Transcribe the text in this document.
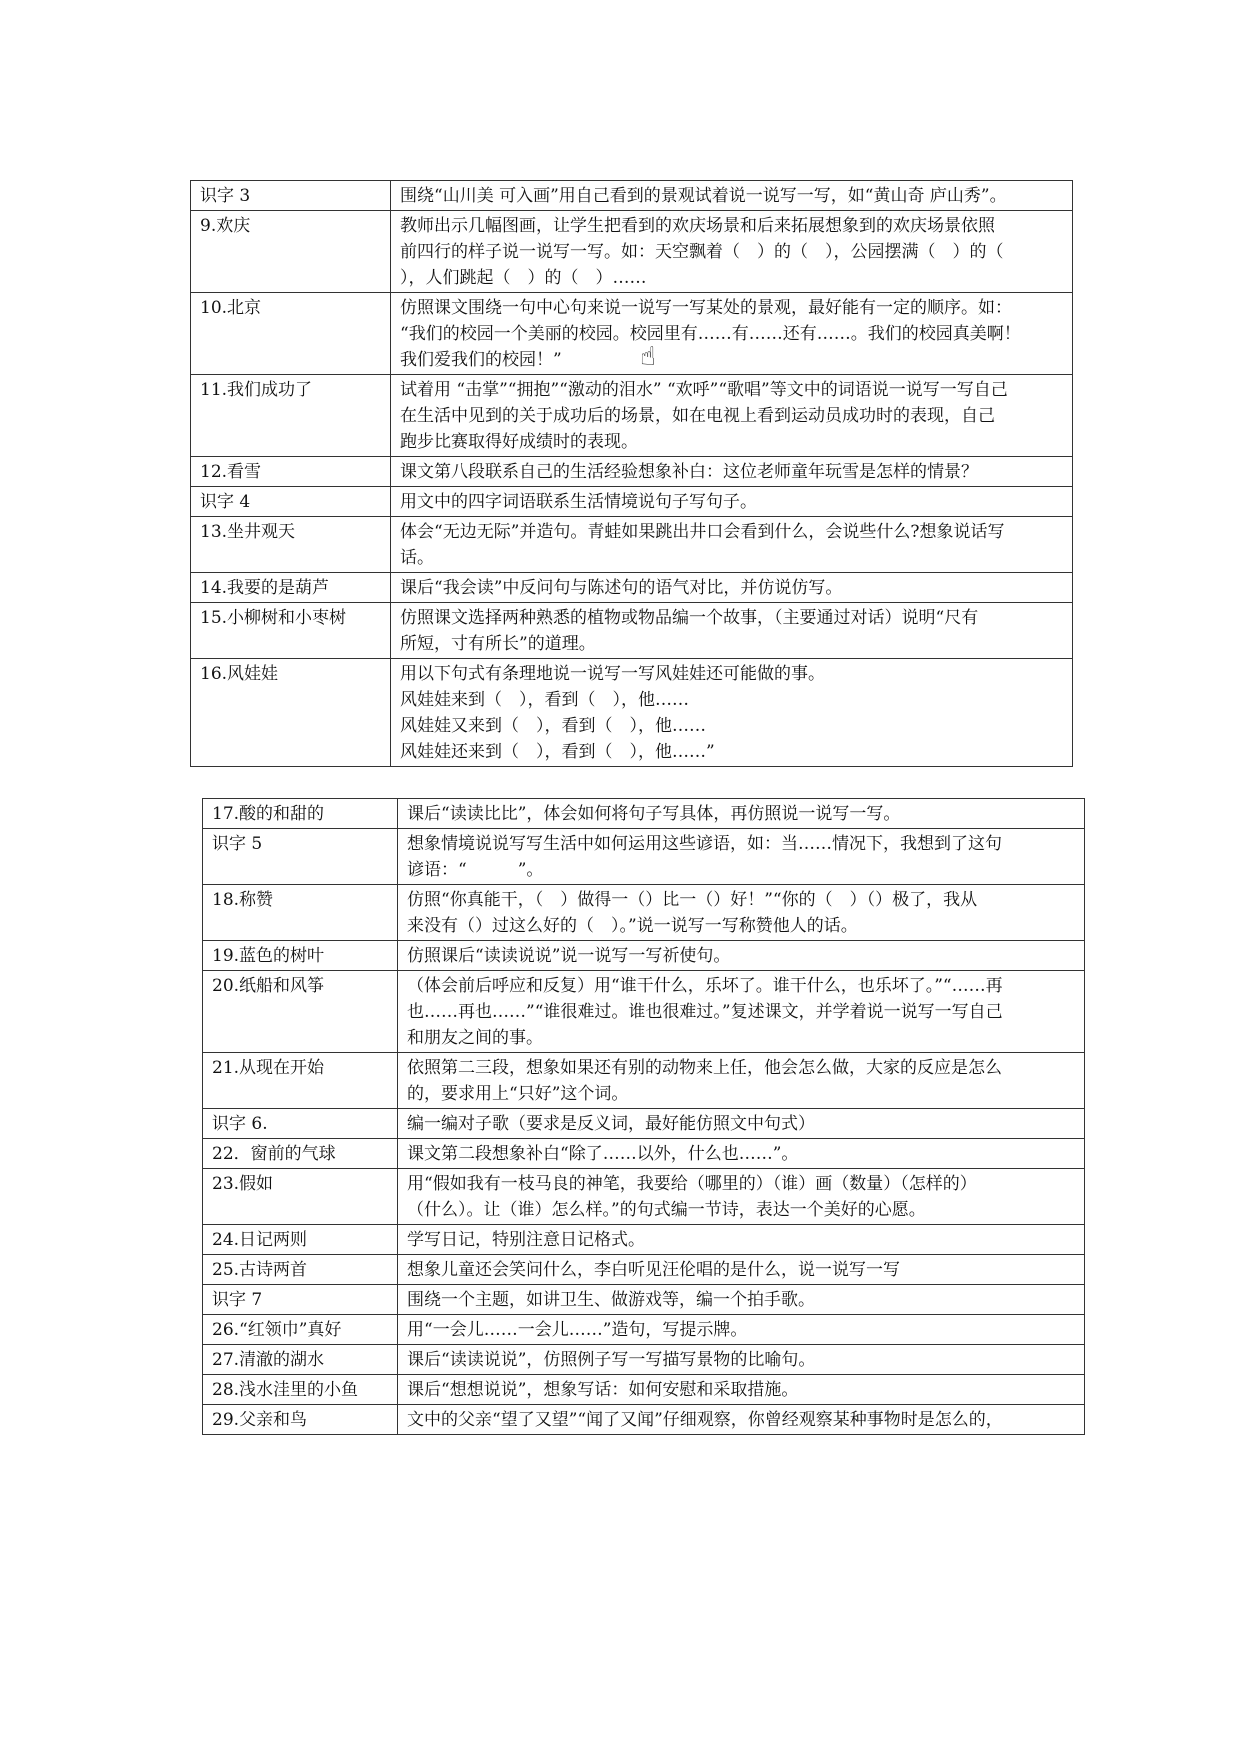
识字 3	围绕“山川美 可入画”用自己看到的景观试着说一说写一写，如“黄山奇 庐山秀”。

9.欢庆	教师出示几幅图画，让学生把看到的欢庆场景和后来拓展想象到的欢庆场景依照
前四行的样子说一说写一写。如：天空飘着（　）的（　），公园摆满（　）的（
），人们跳起（　）的（　）……

10.北京	仿照课文围绕一句中心句来说一说写一写某处的景观，最好能有一定的顺序。如：
“我们的校园一个美丽的校园。校园里有……有……还有……。我们的校园真美啊！
我们爱我们的校园！”

11.我们成功了	试着用 “击掌”“拥抱”“激动的泪水” “欢呼”“歌唱”等文中的词语说一说写一写自己
在生活中见到的关于成功后的场景，如在电视上看到运动员成功时的表现，自己
跑步比赛取得好成绩时的表现。

12.看雪	课文第八段联系自己的生活经验想象补白：这位老师童年玩雪是怎样的情景？

识字 4	用文中的四字词语联系生活情境说句子写句子。

13.坐井观天	体会“无边无际”并造句。青蛙如果跳出井口会看到什么，会说些什么?想象说话写
话。

14.我要的是葫芦	课后“我会读”中反问句与陈述句的语气对比，并仿说仿写。

15.小柳树和小枣树	仿照课文选择两种熟悉的植物或物品编一个故事，（主要通过对话）说明“尺有
所短，寸有所长”的道理。

16.风娃娃	用以下句式有条理地说一说写一写风娃娃还可能做的事。
风娃娃来到（　），看到（　），他……
风娃娃又来到（　），看到（　），他……
风娃娃还来到（　），看到（　），他……”
17.酸的和甜的	课后“读读比比”，体会如何将句子写具体，再仿照说一说写一写。

识字 5	想象情境说说写写生活中如何运用这些谚语，如：当……情况下，我想到了这句
谚语：“　　　”。

18.称赞	仿照“你真能干，（　）做得一（）比一（）好！”“你的（　）（）极了，我从
来没有（）过这么好的（　）。”说一说写一写称赞他人的话。

19.蓝色的树叶	仿照课后“读读说说”说一说写一写祈使句。

20.纸船和风筝	（体会前后呼应和反复）用“谁干什么，乐坏了。谁干什么，也乐坏了。”“……再
也……再也……”“谁很难过。谁也很难过。”复述课文，并学着说一说写一写自己
和朋友之间的事。

21.从现在开始	依照第二三段，想象如果还有别的动物来上任，他会怎么做，大家的反应是怎么
的，要求用上“只好”这个词。

识字 6.	编一编对子歌（要求是反义词，最好能仿照文中句式）

22．窗前的气球	课文第二段想象补白“除了……以外，什么也……”。

23.假如	用“假如我有一枝马良的神笔，我要给（哪里的）（谁）画（数量）（怎样的）
（什么）。让（谁）怎么样。”的句式编一节诗，表达一个美好的心愿。

24.日记两则	学写日记，特别注意日记格式。

25.古诗两首	想象儿童还会笑问什么，李白听见汪伦唱的是什么，说一说写一写

识字 7	围绕一个主题，如讲卫生、做游戏等，编一个拍手歌。

26.“红领巾”真好	用“一会儿……一会儿……”造句，写提示牌。

27.清澈的湖水	课后“读读说说”，仿照例子写一写描写景物的比喻句。

28.浅水洼里的小鱼	课后“想想说说”，想象写话：如何安慰和采取措施。

29.父亲和鸟	文中的父亲“望了又望”“闻了又闻”仔细观察，你曾经观察某种事物时是怎么的，
☝
